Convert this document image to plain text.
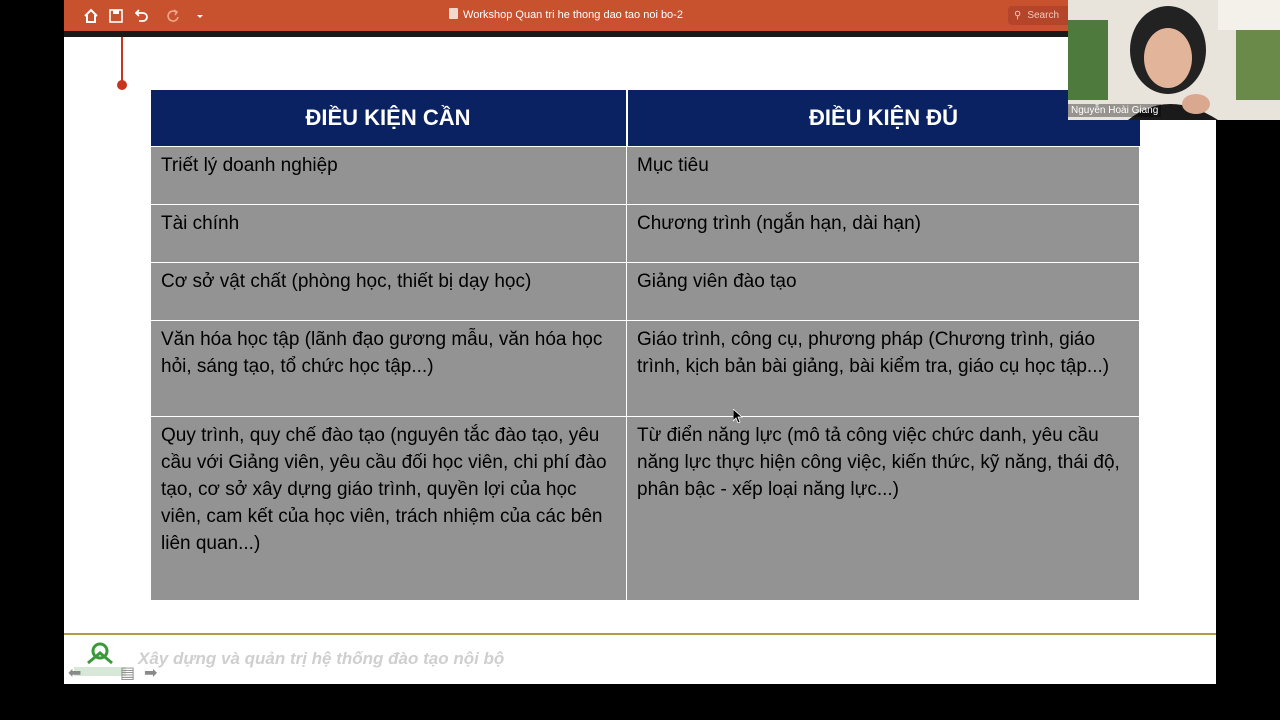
Workshop Quan tri he thong dao tao noi bo-2	⚲ Search
ĐIỀU KIỆN CẦN	ĐIỀU KIỆN ĐỦ
Triết lý doanh nghiệp	Mục tiêu
Tài chính	Chương trình (ngắn hạn, dài hạn)
Cơ sở vật chất (phòng học, thiết bị dạy học)	Giảng viên đào tạo
Văn hóa học tập (lãnh đạo gương mẫu, văn hóa học hỏi, sáng tạo, tổ chức học tập...)	Giáo trình, công cụ, phương pháp (Chương trình, giáo trình, kịch bản bài giảng, bài kiểm tra, giáo cụ học tập...)
Quy trình, quy chế đào tạo (nguyên tắc đào tạo, yêu cầu với Giảng viên, yêu cầu đối học viên, chi phí đào tạo, cơ sở xây dựng giáo trình, quyền lợi của học viên, cam kết của học viên, trách nhiệm của các bên liên quan...)	Từ điển năng lực (mô tả công việc chức danh, yêu cầu năng lực thực hiện công việc, kiến thức, kỹ năng, thái độ, phân bậc - xếp loại năng lực...)
Xây dựng và quản trị hệ thống đào tạo nội bộ
⬅ ▤ ➡
Nguyễn Hoài Giang
